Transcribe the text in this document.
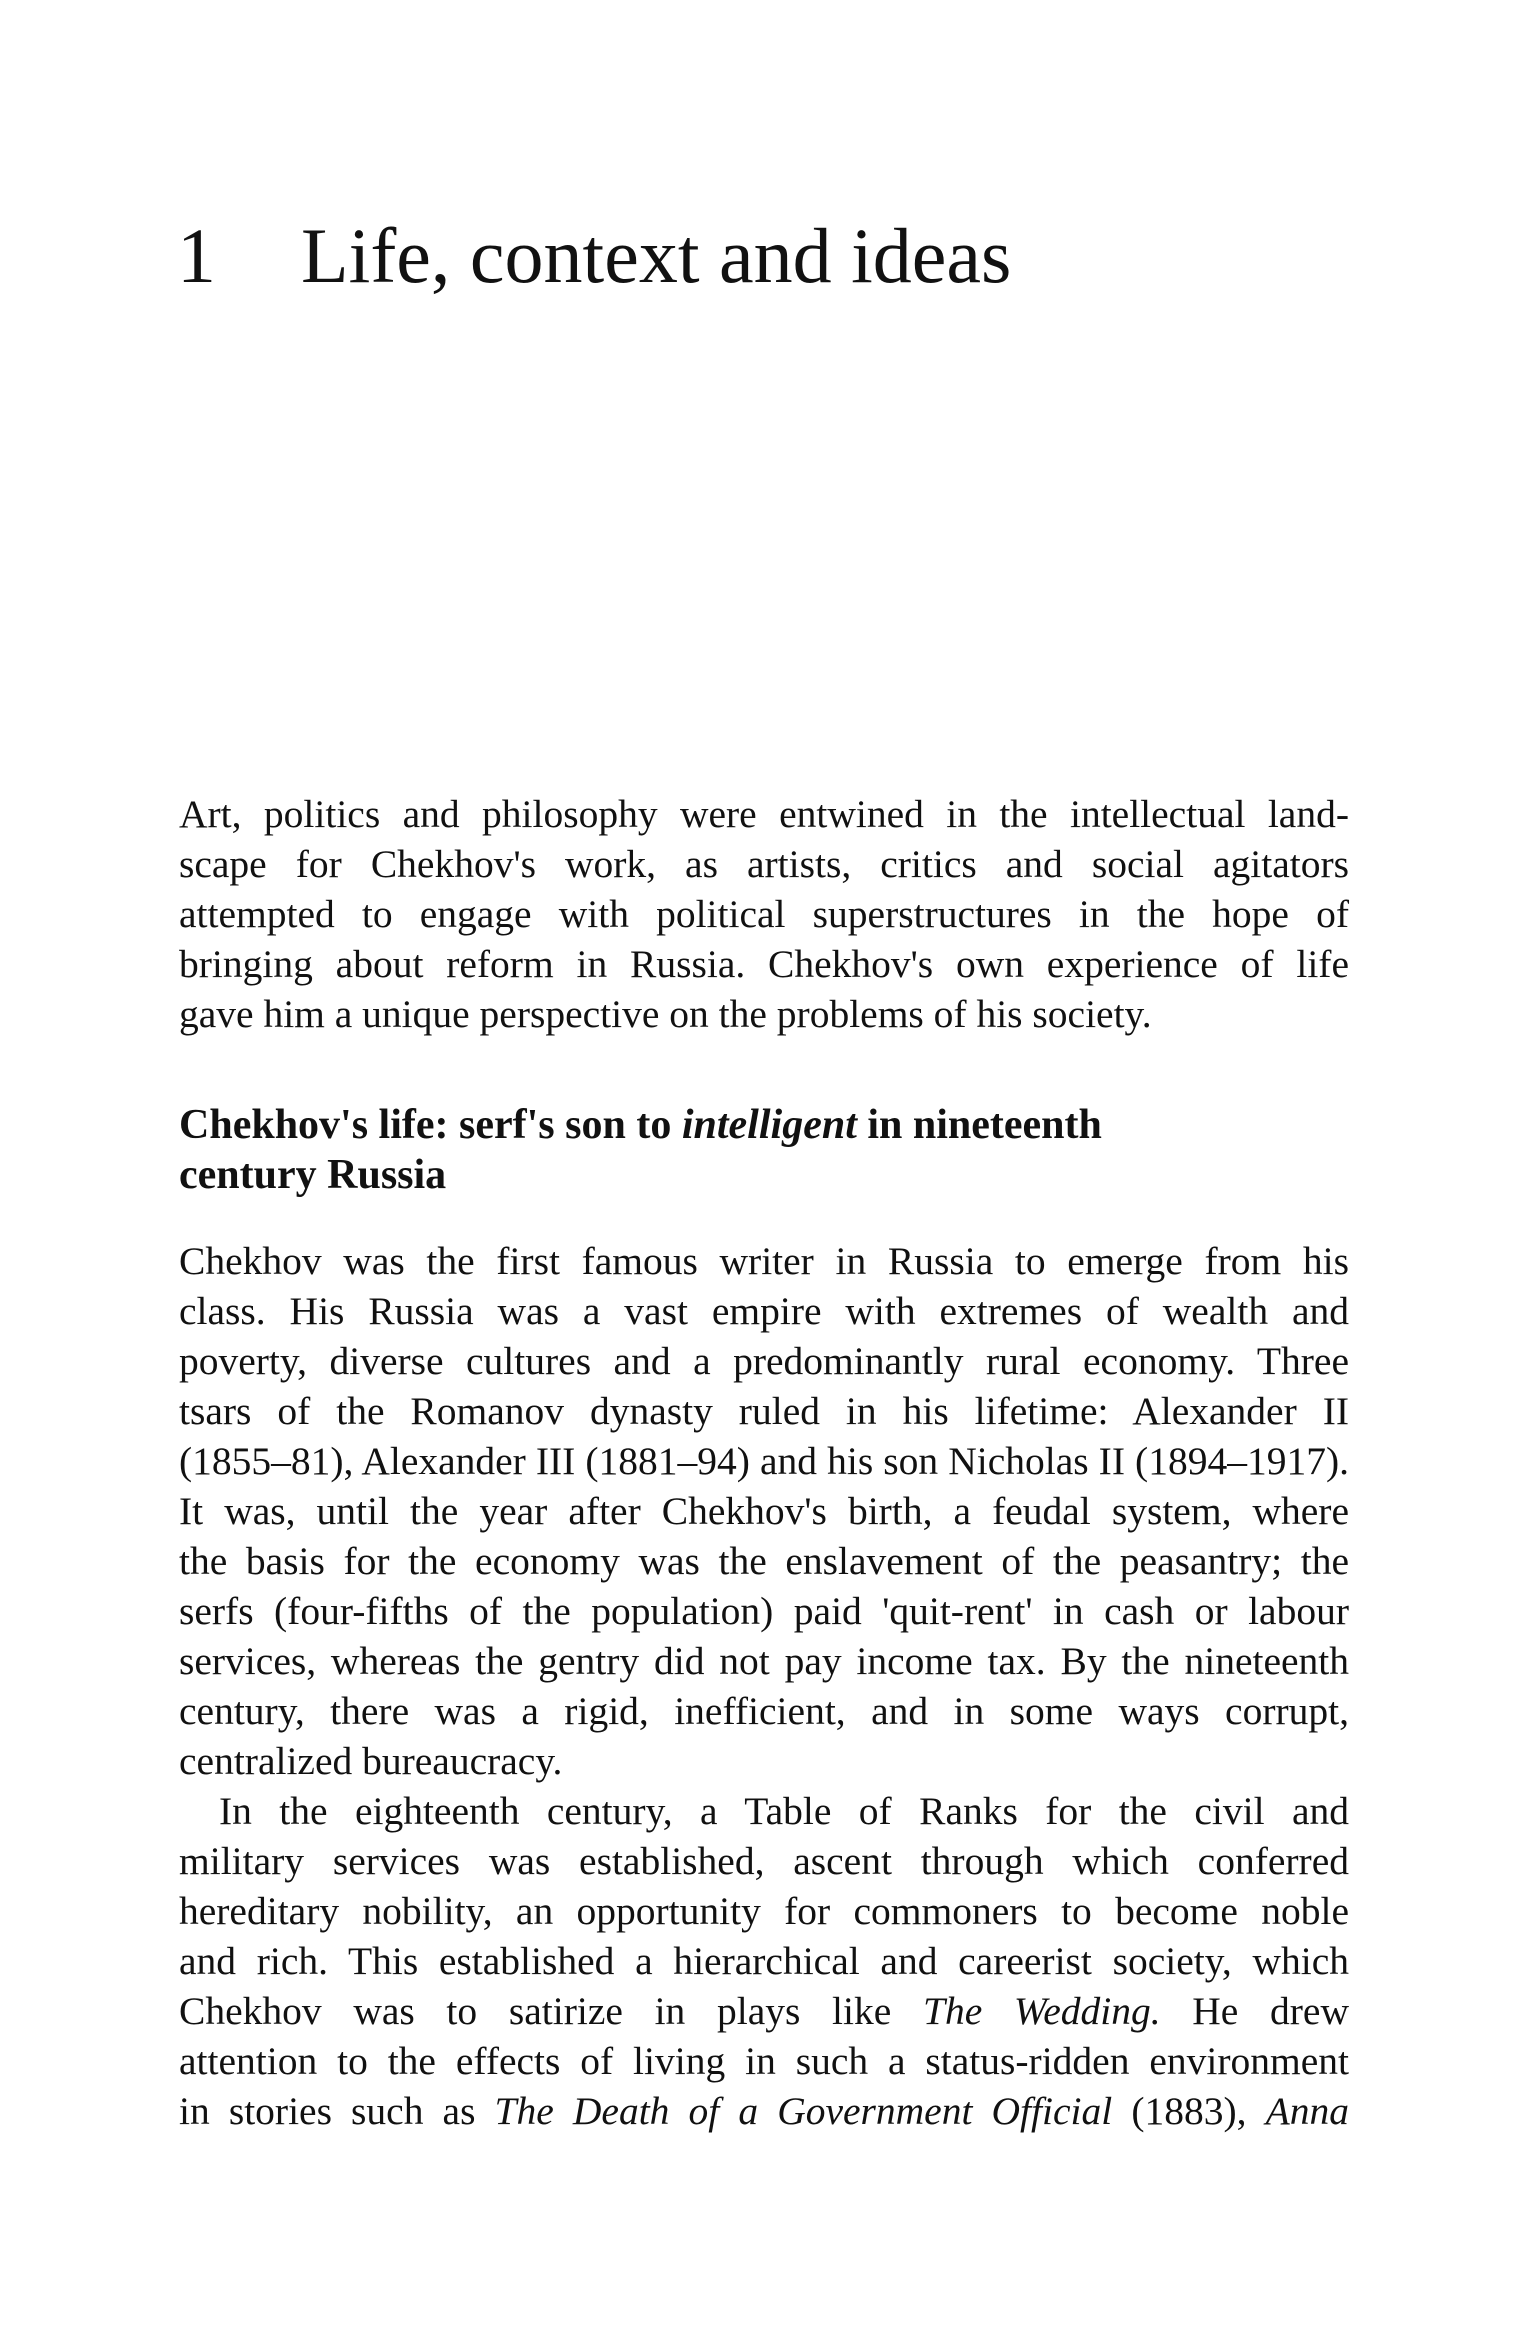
1 Life, context and ideas

Art, politics and philosophy were entwined in the intellectual land-
scape for Chekhov's work, as artists, critics and social agitators
attempted to engage with political superstructures in the hope of
bringing about reform in Russia. Chekhov's own experience of life
gave him a unique perspective on the problems of his society.

Chekhov's life: serf's son to intelligent in nineteenth
century Russia

Chekhov was the first famous writer in Russia to emerge from his
class. His Russia was a vast empire with extremes of wealth and
poverty, diverse cultures and a predominantly rural economy. Three
tsars of the Romanov dynasty ruled in his lifetime: Alexander II
(1855–81), Alexander III (1881–94) and his son Nicholas II (1894–1917).
It was, until the year after Chekhov's birth, a feudal system, where
the basis for the economy was the enslavement of the peasantry; the
serfs (four-fifths of the population) paid 'quit-rent' in cash or labour
services, whereas the gentry did not pay income tax. By the nineteenth
century, there was a rigid, inefficient, and in some ways corrupt,
centralized bureaucracy.

In the eighteenth century, a Table of Ranks for the civil and
military services was established, ascent through which conferred
hereditary nobility, an opportunity for commoners to become noble
and rich. This established a hierarchical and careerist society, which
Chekhov was to satirize in plays like The Wedding. He drew
attention to the effects of living in such a status-ridden environment
in stories such as The Death of a Government Official (1883), Anna
